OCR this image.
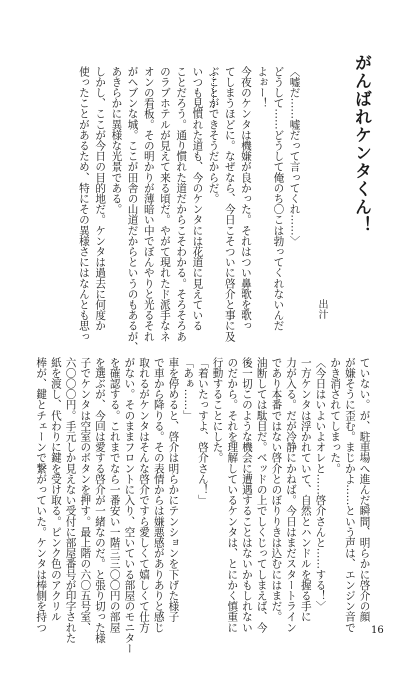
がんばれケンタくん！
出汁
〈嘘だ……嘘だって言ってくれ……〉
どうして……どうして俺のち〇こは勃ってくれないんだ
よぉー！
今夜のケンタは機嫌が良かった。それはつい鼻歌を歌っ
てしまうほどに。なぜなら、今日こそついに啓介と事に及
ぶことができそうだからだ。
いつも見慣れた道も、今のケンタには花道に見えている
ことだろう。通り慣れた道だからこそわかる。そろそろあ
のラブホテルが見えて来る頃だ。やがて現れたド派手なネ
オンの看板。その明かりが薄暗い中でぼんやりと光るそれ
がヘブンな城。ここが田舎の山道だからというのもあるが、
あきらかに異様な光景である。
しかし、ここが今日の目的地だ。ケンタは過去に何度か
使ったことがあるため、特にその異様さにはなんとも思っ
ていない。が、駐車場へ進んだ瞬間、明らかに啓介の顔
が嫌そうに歪む。まじかよ……という声は、エンジン音で
かき消されてしまった。
〈今日はいよいよオレと……啓介さんと……する！〉
一方ケンタは浮かれていて、自然とハンドルを握る手に
力が入る。だが冷静にかねば。今日はまだスタートライン
であり本番ではない啓介とのぼりりきは込むにはまだ。
油断しては駄目だ。ベッドの上でしくじってしまえば、今
後一切このような機会に遭遇することはないかもしれない
のだから。それを理解しているケンタは、とにかく慎重に
行動することにした。
「着いたっすよ、啓介さん！」
「あぁ……」
車を停めると、啓介は明らかにテンションを下げた様子
で車から降りる。その表情からは嫌悪感がありありと感じ
取れるがケンタはそんな啓介ですら愛しくて嬉しくて仕方
がない。そのままフロントに入り、空いている部屋のモニター
を確認する。これまでなら一番安い一階三三〇〇円の部屋
を選ぶが、今回は愛する啓介が一緒なのだ。と張り切った様
子でケンタは空室のボタンを押す。最上階の六〇五号室、
六〇〇〇円。手元しか見えない受付に部屋番号が印字された
紙を渡し、代わりに鍵を受け取る。ピンク色のアクリル
棒が、鍵とチェーンで繋がっていた。ケンタは棒側を持つ	16
